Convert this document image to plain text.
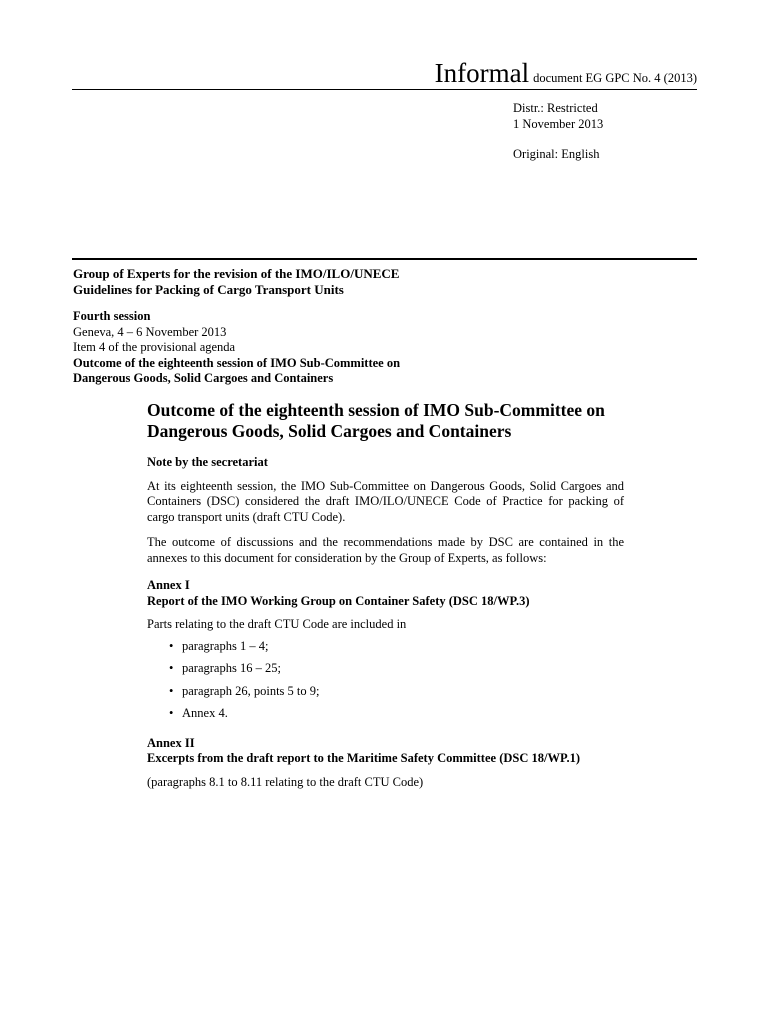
Informal document EG GPC No. 4 (2013)
Distr.: Restricted
1 November 2013
Original: English
Group of Experts for the revision of the IMO/ILO/UNECE
Guidelines for Packing of Cargo Transport Units
Fourth session
Geneva, 4 – 6 November 2013
Item 4 of the provisional agenda
Outcome of the eighteenth session of IMO Sub-Committee on
Dangerous Goods, Solid Cargoes and Containers
Outcome of the eighteenth session of IMO Sub-Committee on
Dangerous Goods, Solid Cargoes and Containers
Note by the secretariat

At its eighteenth session, the IMO Sub-Committee on Dangerous Goods, Solid Cargoes and Containers (DSC) considered the draft IMO/ILO/UNECE Code of Practice for packing of cargo transport units (draft CTU Code).

The outcome of discussions and the recommendations made by DSC are contained in the annexes to this document for consideration by the Group of Experts, as follows:

Annex I
Report of the IMO Working Group on Container Safety (DSC 18/WP.3)
Parts relating to the draft CTU Code are included in
• paragraphs 1 – 4;
• paragraphs 16 – 25;
• paragraph 26, points 5 to 9;
• Annex 4.
Annex II
Excerpts from the draft report to the Maritime Safety Committee (DSC 18/WP.1)
(paragraphs 8.1 to 8.11 relating to the draft CTU Code)
